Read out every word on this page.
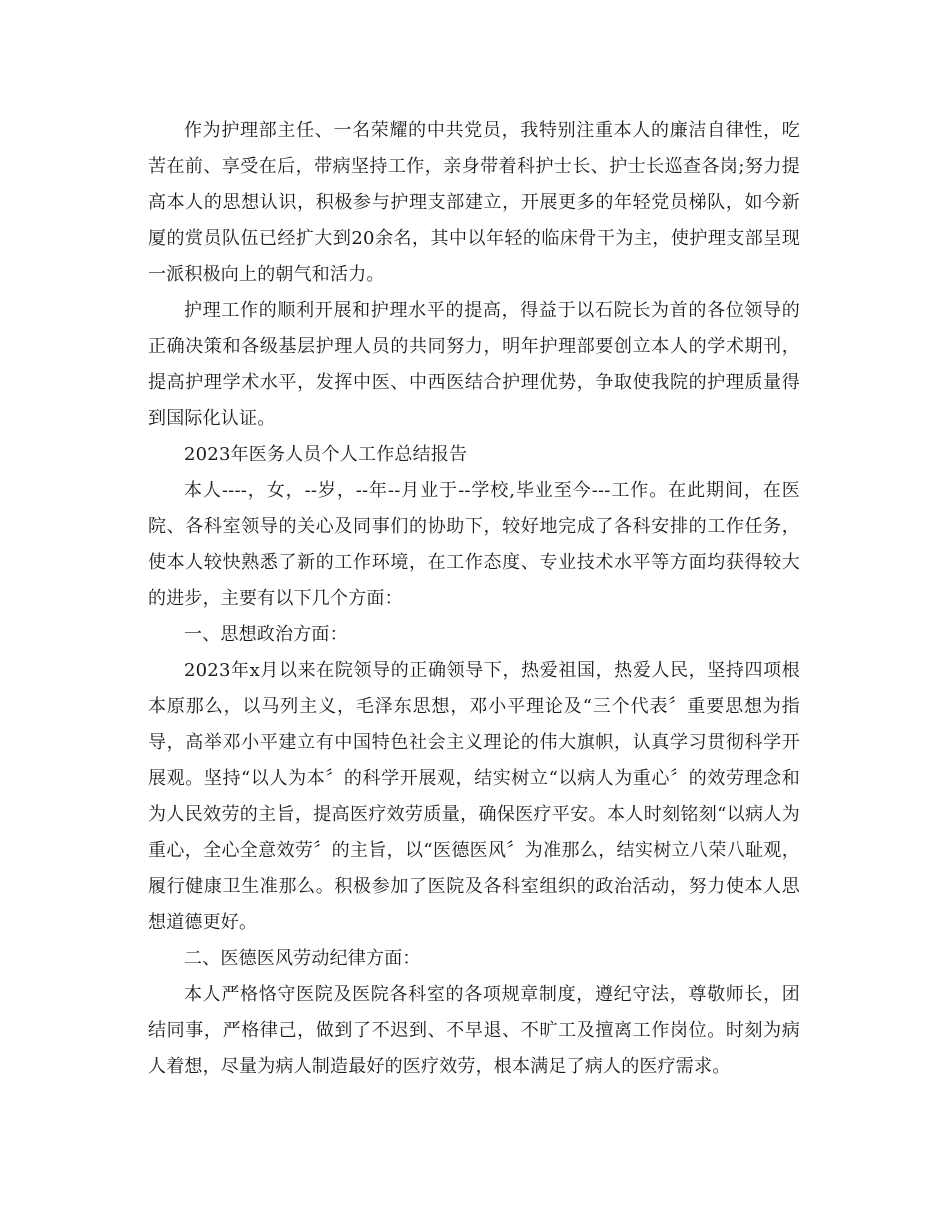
作为护理部主任、一名荣耀的中共党员，我特别注重本人的廉洁自律性，吃苦在前、享受在后，带病坚持工作，亲身带着科护士长、护士长巡查各岗;努力提高本人的思想认识，积极参与护理支部建立，开展更多的年轻党员梯队，如今新厦的赏员队伍已经扩大到20余名，其中以年轻的临床骨干为主，使护理支部呈现一派积极向上的朝气和活力。

护理工作的顺利开展和护理水平的提高，得益于以石院长为首的各位领导的正确决策和各级基层护理人员的共同努力，明年护理部要创立本人的学术期刊，提高护理学术水平，发挥中医、中西医结合护理优势，争取使我院的护理质量得到国际化认证。

2023年医务人员个人工作总结报告

本人----，女，--岁，--年--月业于--学校,毕业至今---工作。在此期间，在医院、各科室领导的关心及同事们的协助下，较好地完成了各科安排的工作任务，使本人较快熟悉了新的工作环境，在工作态度、专业技术水平等方面均获得较大的进步，主要有以下几个方面：

一、思想政治方面：

2023年x月以来在院领导的正确领导下，热爱祖国，热爱人民，坚持四项根本原那么，以马列主义，毛泽东思想，邓小平理论及“三个代表〞重要思想为指导，高举邓小平建立有中国特色社会主义理论的伟大旗帜，认真学习贯彻科学开展观。坚持“以人为本〞的科学开展观，结实树立“以病人为重心〞的效劳理念和为人民效劳的主旨，提高医疗效劳质量，确保医疗平安。本人时刻铭刻“以病人为重心，全心全意效劳〞的主旨，以“医德医风〞为准那么，结实树立八荣八耻观，履行健康卫生准那么。积极参加了医院及各科室组织的政治活动，努力使本人思想道德更好。

二、医德医风劳动纪律方面：

本人严格恪守医院及医院各科室的各项规章制度，遵纪守法，尊敬师长，团结同事，严格律己，做到了不迟到、不早退、不旷工及擅离工作岗位。时刻为病人着想，尽量为病人制造最好的医疗效劳，根本满足了病人的医疗需求。
